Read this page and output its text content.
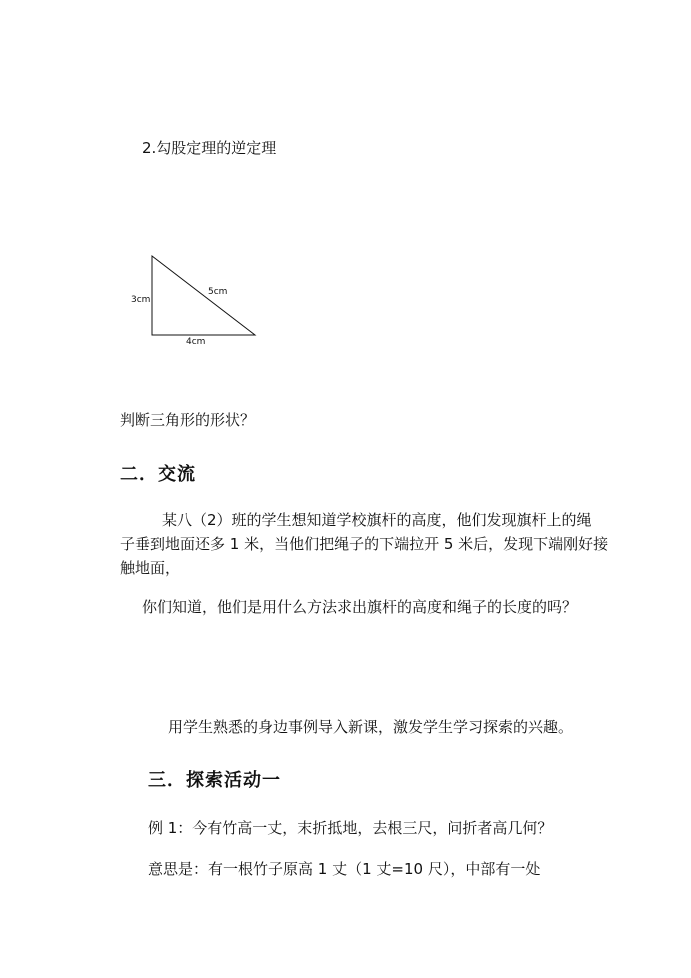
2.勾股定理的逆定理
3cm
5cm
4cm
判断三角形的形状？
二．交流
某八（2）班的学生想知道学校旗杆的高度，他们发现旗杆上的绳
子垂到地面还多 1 米，当他们把绳子的下端拉开 5 米后，发现下端刚好接
触地面，
你们知道，他们是用什么方法求出旗杆的高度和绳子的长度的吗？
用学生熟悉的身边事例导入新课，激发学生学习探索的兴趣。
三．探索活动一
例 1：今有竹高一丈，末折抵地，去根三尺，问折者高几何？
意思是：有一根竹子原高 1 丈（1 丈=10 尺），中部有一处
